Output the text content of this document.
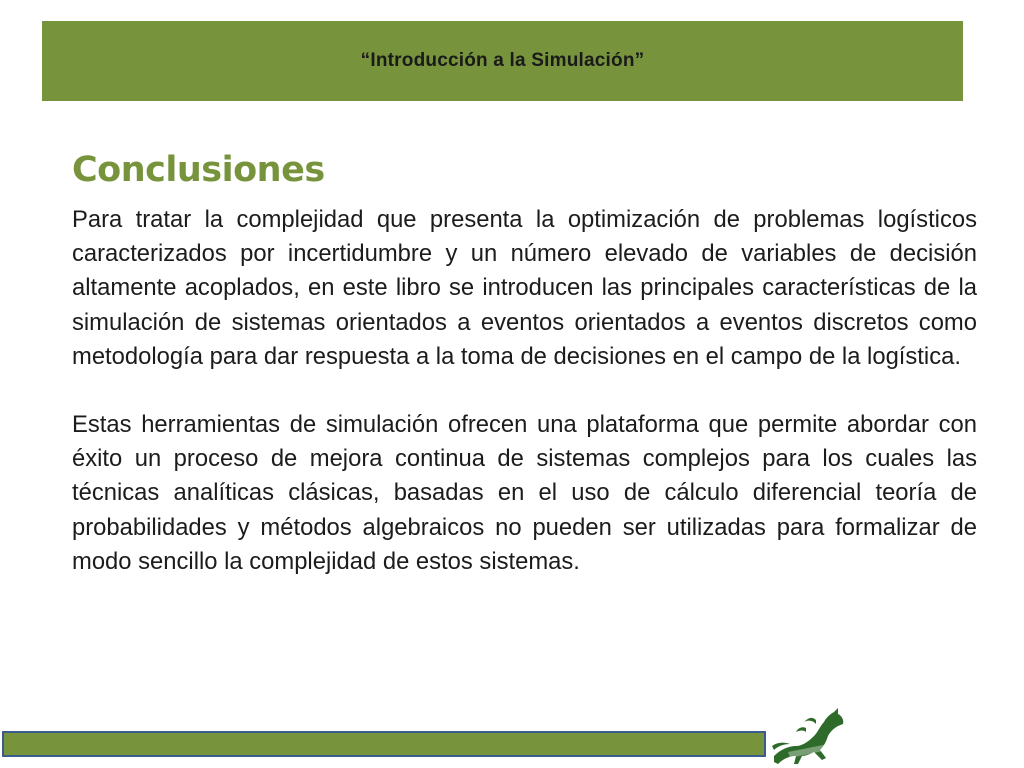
“Introducción a la Simulación”
Conclusiones

Para tratar la complejidad que presenta la optimización de problemas logísticos caracterizados por incertidumbre y un número elevado de variables de decisión altamente acoplados, en este libro se introducen las principales características de la simulación de sistemas orientados a eventos orientados a eventos discretos como metodología para dar respuesta a la toma de decisiones en el campo de la logística.

Estas herramientas de simulación ofrecen una plataforma que permite abordar con éxito un proceso de mejora continua de sistemas complejos para los cuales las técnicas analíticas clásicas, basadas en el uso de cálculo diferencial teoría de probabilidades y métodos algebraicos no pueden ser utilizadas para formalizar de modo sencillo la complejidad de estos sistemas.
